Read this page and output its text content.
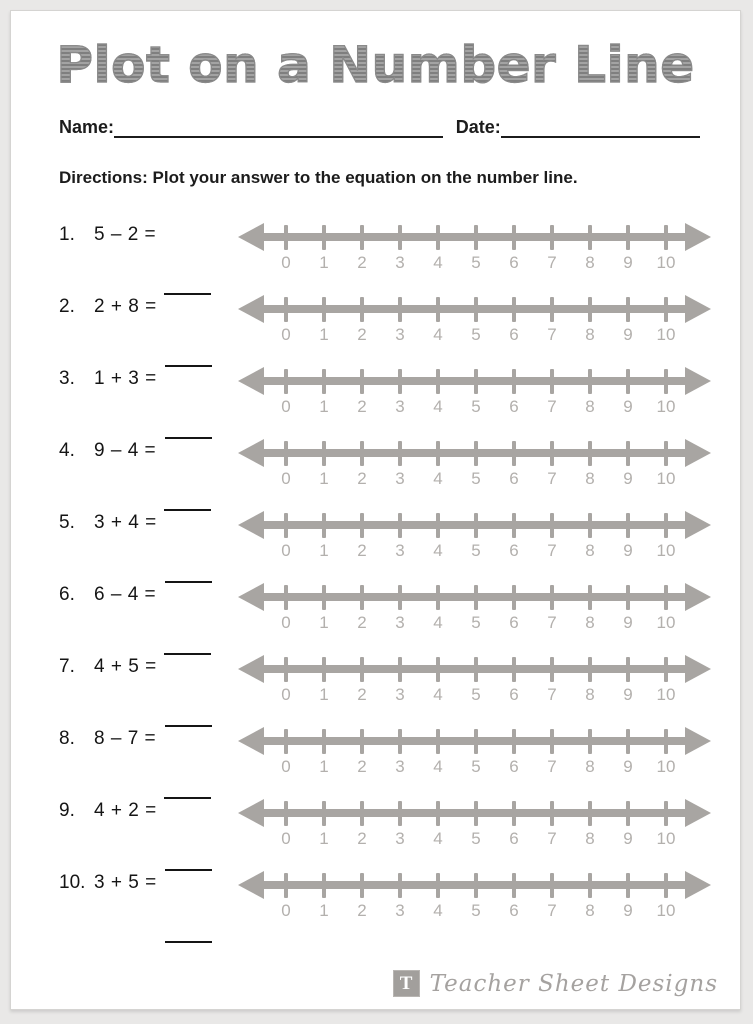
Plot on a Number Line
Name:	Date:

Directions: Plot your answer to the equation on the number line.

1.	5 – 2 =
0	1	2	3	4	5	6	7	8	9	10
2.	2 + 8 =
0	1	2	3	4	5	6	7	8	9	10
3.	1 + 3 =
0	1	2	3	4	5	6	7	8	9	10
4.	9 – 4 =
0	1	2	3	4	5	6	7	8	9	10
5.	3 + 4 =
0	1	2	3	4	5	6	7	8	9	10
6.	6 – 4 =
0	1	2	3	4	5	6	7	8	9	10
7.	4 + 5 =
0	1	2	3	4	5	6	7	8	9	10
8.	8 – 7 =
0	1	2	3	4	5	6	7	8	9	10
9.	4 + 2 =
0	1	2	3	4	5	6	7	8	9	10
10. 3 + 5 =
0	1	2	3	4	5	6	7	8	9	10
T Teacher Sheet Designs
